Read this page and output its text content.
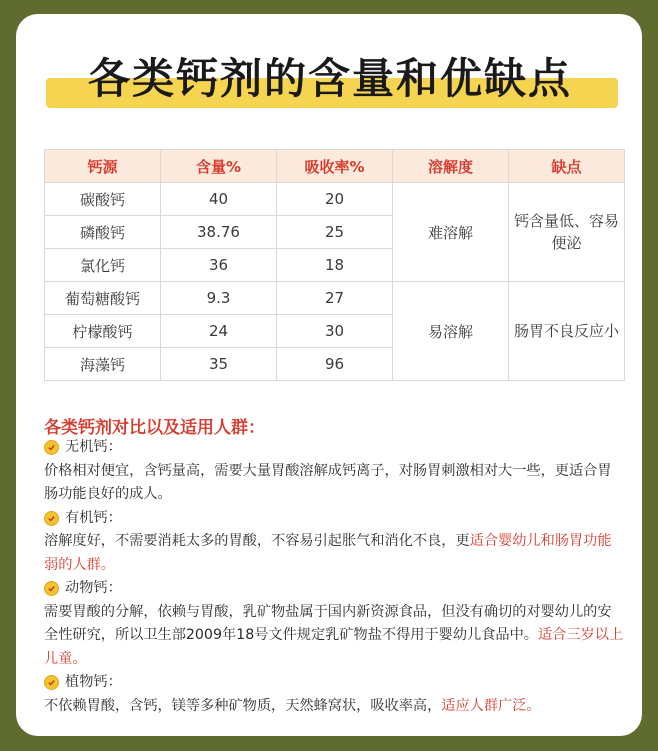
各类钙剂的含量和优缺点
钙源	含量%	吸收率%	溶解度	缺点
碳酸钙	40	20	难溶解	钙含量低、容易便泌
磷酸钙	38.76	25		
氯化钙	36	18		
葡萄糖酸钙	9.3	27	易溶解	肠胃不良反应小
柠檬酸钙	24	30		
海藻钙	35	96		
各类钙剂对比以及适用人群：
无机钙：
价格相对便宜，含钙量高，需要大量胃酸溶解成钙离子，对肠胃刺激相对大一些，更适合胃肠功能良好的成人。
有机钙：
溶解度好，不需要消耗太多的胃酸，不容易引起胀气和消化不良，更适合婴幼儿和肠胃功能弱的人群。
动物钙：
需要胃酸的分解，依赖与胃酸，乳矿物盐属于国内新资源食品，但没有确切的对婴幼儿的安全性研究，所以卫生部2009年18号文件规定乳矿物盐不得用于婴幼儿食品中。适合三岁以上儿童。
植物钙：
不依赖胃酸，含钙，镁等多种矿物质，天然蜂窝状，吸收率高，适应人群广泛。
